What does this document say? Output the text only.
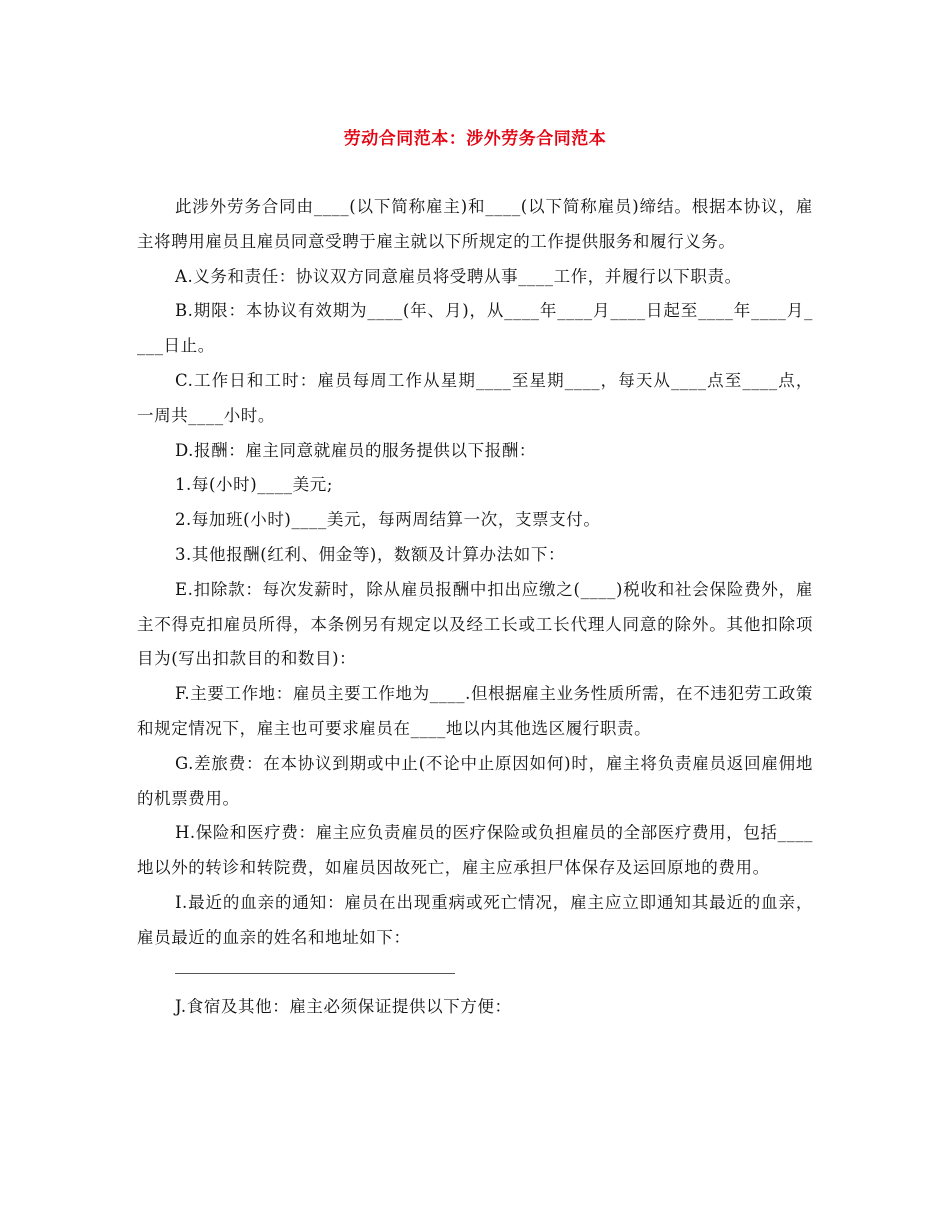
劳动合同范本：涉外劳务合同范本

此涉外劳务合同由____(以下简称雇主)和____(以下简称雇员)缔结。根据本协议，雇主将聘用雇员且雇员同意受聘于雇主就以下所规定的工作提供服务和履行义务。

A.义务和责任：协议双方同意雇员将受聘从事____工作，并履行以下职责。

B.期限：本协议有效期为____(年、月)，从____年____月____日起至____年____月____日止。

C.工作日和工时：雇员每周工作从星期____至星期____，每天从____点至____点，一周共____小时。

D.报酬：雇主同意就雇员的服务提供以下报酬：

1.每(小时)____美元;

2.每加班(小时)____美元，每两周结算一次，支票支付。

3.其他报酬(红利、佣金等)，数额及计算办法如下：

E.扣除款：每次发薪时，除从雇员报酬中扣出应缴之(____)税收和社会保险费外，雇主不得克扣雇员所得，本条例另有规定以及经工长或工长代理人同意的除外。其他扣除项目为(写出扣款目的和数目)：

F.主要工作地：雇员主要工作地为____.但根据雇主业务性质所需，在不违犯劳工政策和规定情况下，雇主也可要求雇员在____地以内其他选区履行职责。

G.差旅费：在本协议到期或中止(不论中止原因如何)时，雇主将负责雇员返回雇佣地的机票费用。

H.保险和医疗费：雇主应负责雇员的医疗保险或负担雇员的全部医疗费用，包括____地以外的转诊和转院费，如雇员因故死亡，雇主应承担尸体保存及运回原地的费用。

I.最近的血亲的通知：雇员在出现重病或死亡情况，雇主应立即通知其最近的血亲，雇员最近的血亲的姓名和地址如下：

J.食宿及其他：雇主必须保证提供以下方便：
